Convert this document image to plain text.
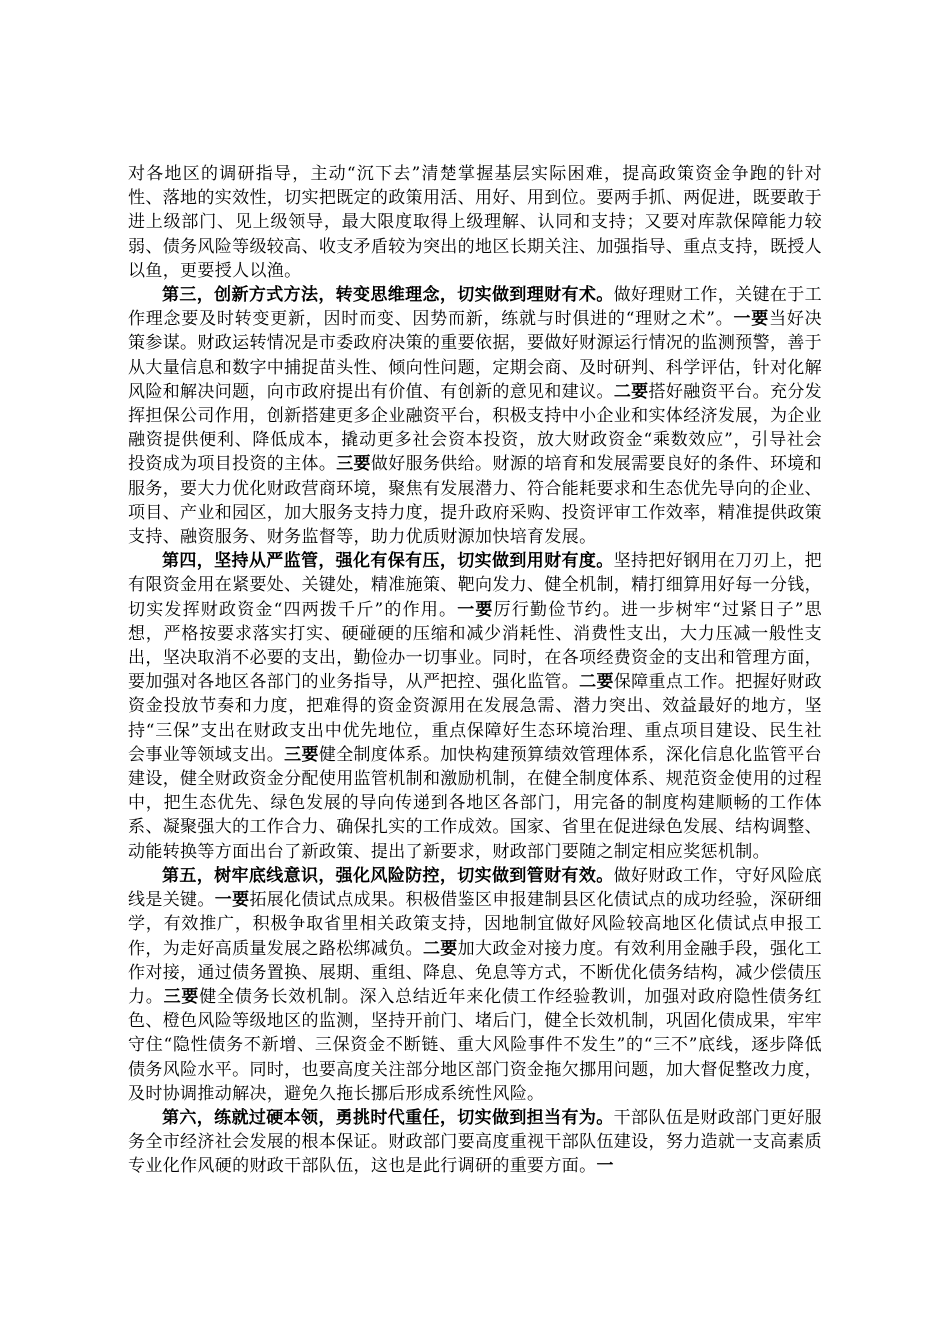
对各地区的调研指导，主动“沉下去”清楚掌握基层实际困难，提高政策资金争跑的针对性、落地的实效性，切实把既定的政策用活、用好、用到位。要两手抓、两促进，既要敢于进上级部门、见上级领导，最大限度取得上级理解、认同和支持；又要对库款保障能力较弱、债务风险等级较高、收支矛盾较为突出的地区长期关注、加强指导、重点支持，既授人以鱼，更要授人以渔。

第三，创新方式方法，转变思维理念，切实做到理财有术。做好理财工作，关键在于工作理念要及时转变更新，因时而变、因势而新，练就与时俱进的“理财之术”。一要当好决策参谋。财政运转情况是市委政府决策的重要依据，要做好财源运行情况的监测预警，善于从大量信息和数字中捕捉苗头性、倾向性问题，定期会商、及时研判、科学评估，针对化解风险和解决问题，向市政府提出有价值、有创新的意见和建议。二要搭好融资平台。充分发挥担保公司作用，创新搭建更多企业融资平台，积极支持中小企业和实体经济发展，为企业融资提供便利、降低成本，撬动更多社会资本投资，放大财政资金“乘数效应”，引导社会投资成为项目投资的主体。三要做好服务供给。财源的培育和发展需要良好的条件、环境和服务，要大力优化财政营商环境，聚焦有发展潜力、符合能耗要求和生态优先导向的企业、项目、产业和园区，加大服务支持力度，提升政府采购、投资评审工作效率，精准提供政策支持、融资服务、财务监督等，助力优质财源加快培育发展。

第四，坚持从严监管，强化有保有压，切实做到用财有度。坚持把好钢用在刀刃上，把有限资金用在紧要处、关键处，精准施策、靶向发力、健全机制，精打细算用好每一分钱，切实发挥财政资金“四两拨千斤”的作用。一要厉行勤俭节约。进一步树牢“过紧日子”思想，严格按要求落实打实、硬碰硬的压缩和减少消耗性、消费性支出，大力压减一般性支出，坚决取消不必要的支出，勤俭办一切事业。同时，在各项经费资金的支出和管理方面，要加强对各地区各部门的业务指导，从严把控、强化监管。二要保障重点工作。把握好财政资金投放节奏和力度，把难得的资金资源用在发展急需、潜力突出、效益最好的地方，坚持“三保”支出在财政支出中优先地位，重点保障好生态环境治理、重点项目建设、民生社会事业等领域支出。三要健全制度体系。加快构建预算绩效管理体系，深化信息化监管平台建设，健全财政资金分配使用监管机制和激励机制，在健全制度体系、规范资金使用的过程中，把生态优先、绿色发展的导向传递到各地区各部门，用完备的制度构建顺畅的工作体系、凝聚强大的工作合力、确保扎实的工作成效。国家、省里在促进绿色发展、结构调整、动能转换等方面出台了新政策、提出了新要求，财政部门要随之制定相应奖惩机制。

第五，树牢底线意识，强化风险防控，切实做到管财有效。做好财政工作，守好风险底线是关键。一要拓展化债试点成果。积极借鉴区申报建制县区化债试点的成功经验，深研细学，有效推广，积极争取省里相关政策支持，因地制宜做好风险较高地区化债试点申报工作，为走好高质量发展之路松绑减负。二要加大政金对接力度。有效利用金融手段，强化工作对接，通过债务置换、展期、重组、降息、免息等方式，不断优化债务结构，减少偿债压力。三要健全债务长效机制。深入总结近年来化债工作经验教训，加强对政府隐性债务红色、橙色风险等级地区的监测，坚持开前门、堵后门，健全长效机制，巩固化债成果，牢牢守住“隐性债务不新增、三保资金不断链、重大风险事件不发生”的“三不”底线，逐步降低债务风险水平。同时，也要高度关注部分地区部门资金拖欠挪用问题，加大督促整改力度，及时协调推动解决，避免久拖长挪后形成系统性风险。

第六，练就过硬本领，勇挑时代重任，切实做到担当有为。干部队伍是财政部门更好服务全市经济社会发展的根本保证。财政部门要高度重视干部队伍建设，努力造就一支高素质专业化作风硬的财政干部队伍，这也是此行调研的重要方面。一
